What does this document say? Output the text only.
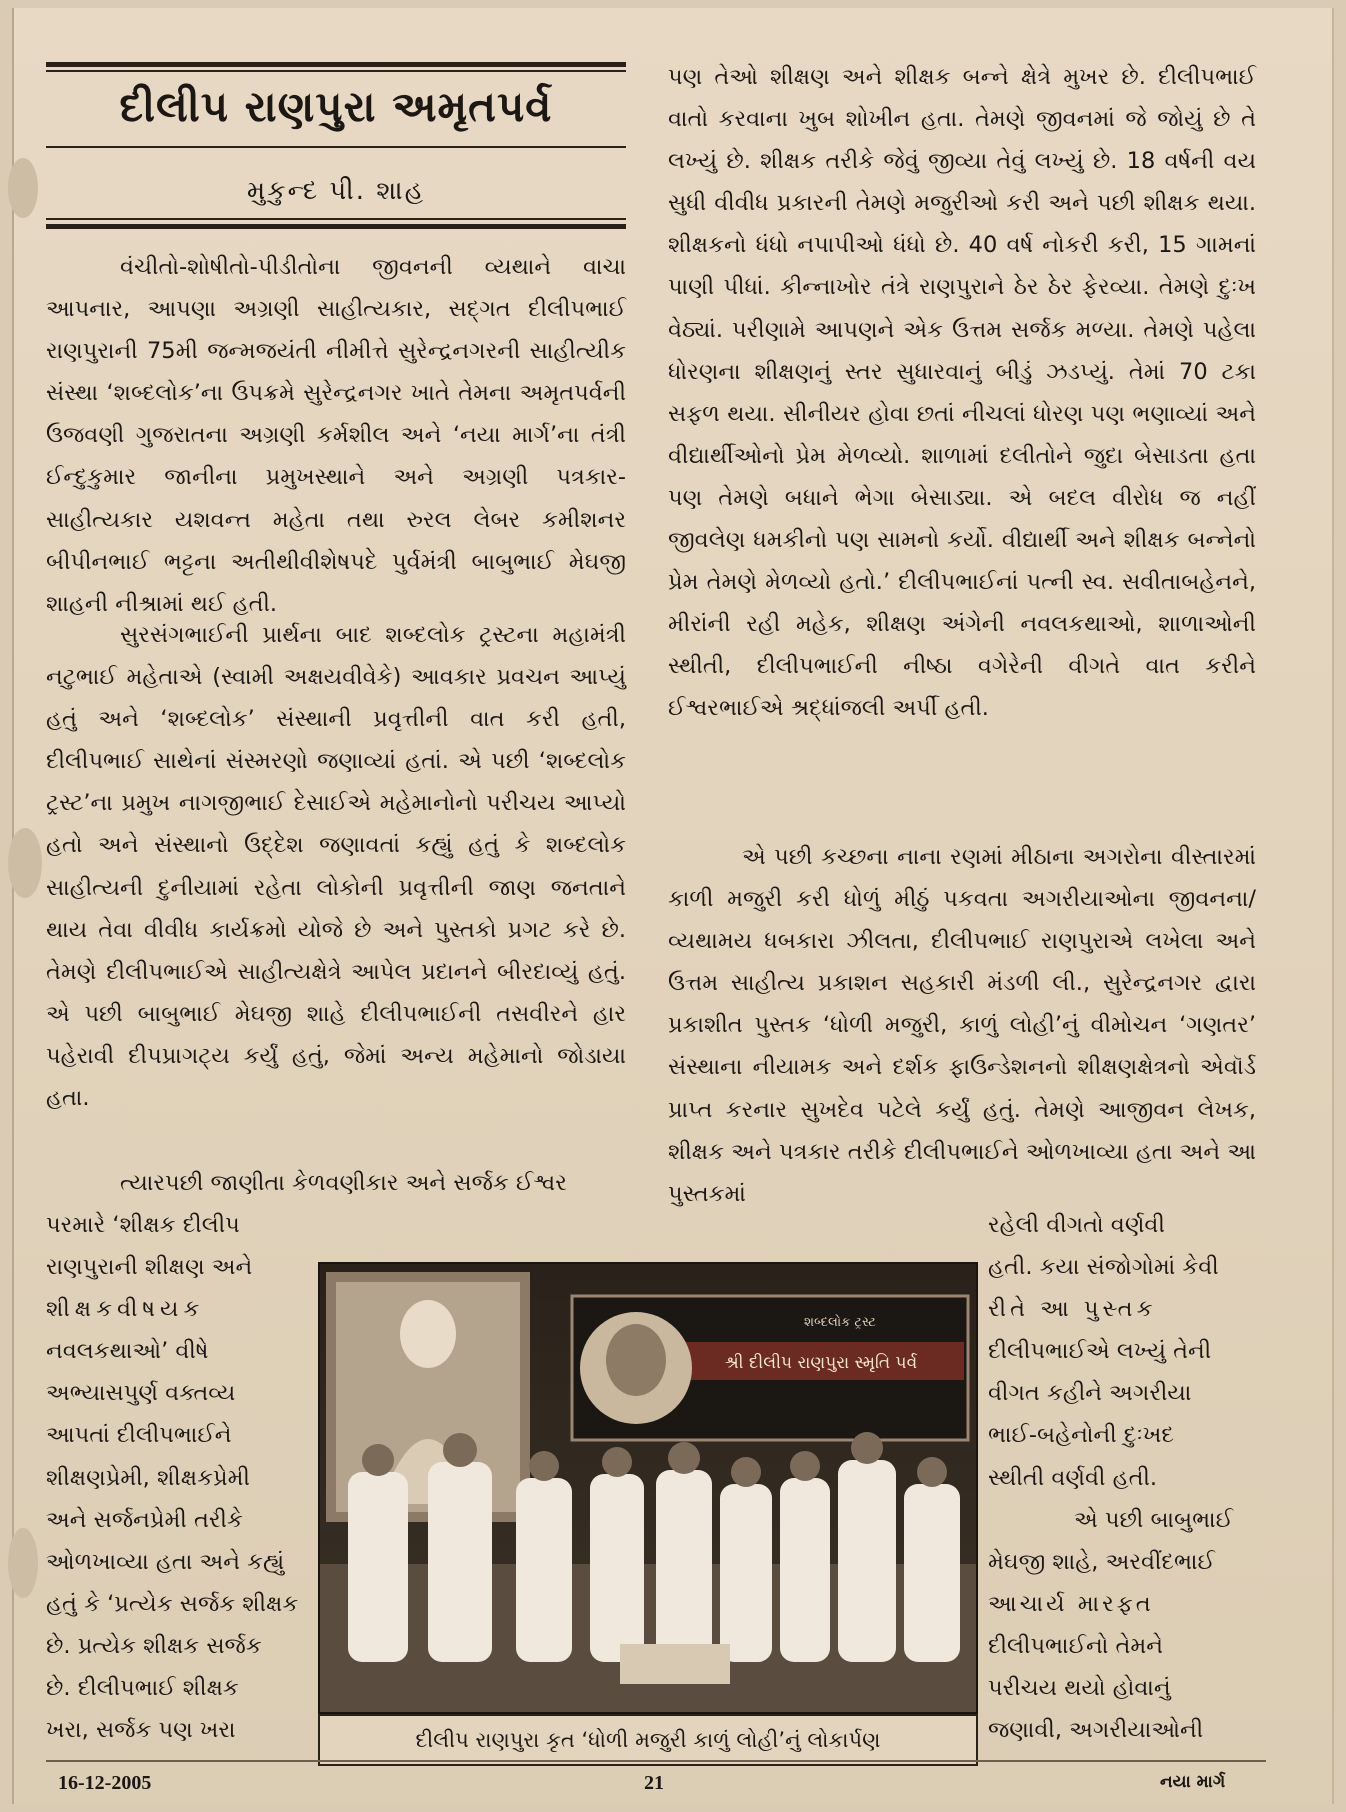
દીલીપ રાણપુરા અમૃતપર્વ
મુકુન્દ પી. શાહ

વંચીતો-શોષીતો-પીડીતોના જીવનની વ્યથાને વાચા આપનાર, આપણા અગ્રણી સાહીત્યકાર, સદ્ગત દીલીપભાઈ રાણપુરાની 75મી જન્મજયંતી નીમીત્તે સુરેન્દ્રનગરની સાહીત્યીક સંસ્થા ‘શબ્દલોક’ના ઉપક્રમે સુરેન્દ્રનગર ખાતે તેમના અમૃતપર્વની ઉજવણી ગુજરાતના અગ્રણી કર્મશીલ અને ‘નયા માર્ગ’ના તંત્રી ઈન્દુકુમાર જાનીના પ્રમુખસ્થાને અને અગ્રણી પત્રકાર-સાહીત્યકાર યશવન્ત મહેતા તથા રુરલ લેબર કમીશનર બીપીનભાઈ ભટ્ટના અતીથીવીશેષપદે પુર્વમંત્રી બાબુભાઈ મેઘજી શાહની નીશ્રામાં થઈ હતી.

સુરસંગભાઈની પ્રાર્થના બાદ શબ્દલોક ટ્રસ્ટના મહામંત્રી નટુભાઈ મહેતાએ (સ્વામી અક્ષયવીવેકે) આવકાર પ્રવચન આપ્યું હતું અને ‘શબ્દલોક’ સંસ્થાની પ્રવૃત્તીની વાત કરી હતી, દીલીપભાઈ સાથેનાં સંસ્મરણો જણાવ્યાં હતાં. એ પછી ‘શબ્દલોક ટ્રસ્ટ’ના પ્રમુખ નાગજીભાઈ દેસાઈએ મહેમાનોનો પરીચય આપ્યો હતો અને સંસ્થાનો ઉદ્દેશ જણાવતાં કહ્યું હતું કે શબ્દલોક સાહીત્યની દુનીયામાં રહેતા લોકોની પ્રવૃત્તીની જાણ જનતાને થાય તેવા વીવીધ કાર્યક્રમો યોજે છે અને પુસ્તકો પ્રગટ કરે છે. તેમણે દીલીપભાઈએ સાહીત્યક્ષેત્રે આપેલ પ્રદાનને બીરદાવ્યું હતું. એ પછી બાબુભાઈ મેઘજી શાહે દીલીપભાઈની તસવીરને હાર પહેરાવી દીપપ્રાગટ્ય કર્યું હતું, જેમાં અન્ય મહેમાનો જોડાયા હતા.

ત્યારપછી જાણીતા કેળવણીકાર અને સર્જક ઈશ્વર

પરમારે ‘શીક્ષક દીલીપ
રાણપુરાની શીક્ષણ અને
શીક્ષકવીષયક
નવલકથાઓ’ વીષે
અભ્યાસપુર્ણ વક્તવ્ય
આપતાં દીલીપભાઈને
શીક્ષણપ્રેમી, શીક્ષકપ્રેમી
અને સર્જનપ્રેમી તરીકે
ઓળખાવ્યા હતા અને કહ્યું
હતું કે ‘પ્રત્યેક સર્જક શીક્ષક
છે. પ્રત્યેક શીક્ષક સર્જક
છે. દીલીપભાઈ શીક્ષક
ખરા, સર્જક પણ ખરા

પણ તેઓ શીક્ષણ અને શીક્ષક બન્ને ક્ષેત્રે મુખર છે. દીલીપભાઈ વાતો કરવાના ખુબ શોખીન હતા. તેમણે જીવનમાં જે જોયું છે તે લખ્યું છે. શીક્ષક તરીકે જેવું જીવ્યા તેવું લખ્યું છે. 18 વર્ષની વય સુધી વીવીધ પ્રકારની તેમણે મજુરીઓ કરી અને પછી શીક્ષક થયા. શીક્ષકનો ધંધો નપાપીઓ ધંધો છે. 40 વર્ષ નોકરી કરી, 15 ગામનાં પાણી પીધાં. કીન્નાખોર તંત્રે રાણપુરાને ઠેર ઠેર ફેરવ્યા. તેમણે દુઃખ વેઠ્યાં. પરીણામે આપણને એક ઉત્તમ સર્જક મળ્યા. તેમણે પહેલા ધોરણના શીક્ષણનું સ્તર સુધારવાનું બીડું ઝડપ્યું. તેમાં 70 ટકા સફળ થયા. સીનીયર હોવા છતાં નીચલાં ધોરણ પણ ભણાવ્યાં અને વીદ્યાર્થીઓનો પ્રેમ મેળવ્યો. શાળામાં દલીતોને જુદા બેસાડતા હતા પણ તેમણે બધાને ભેગા બેસાડ્યા. એ બદલ વીરોધ જ નહીં જીવલેણ ધમકીનો પણ સામનો કર્યો. વીદ્યાર્થી અને શીક્ષક બન્નેનો પ્રેમ તેમણે મેળવ્યો હતો.’ દીલીપભાઈનાં પત્ની સ્વ. સવીતાબહેનને, મીરાંની રહી મહેક, શીક્ષણ અંગેની નવલકથાઓ, શાળાઓની સ્થીતી, દીલીપભાઈની નીષ્ઠા વગેરેની વીગતે વાત કરીને ઈશ્વરભાઈએ શ્રદ્ધાંજલી અર્પી હતી.

એ પછી કચ્છના નાના રણમાં મીઠાના અગરોના વીસ્તારમાં કાળી મજુરી કરી ધોળું મીઠું પકવતા અગરીયાઓના જીવનના/વ્યથામય ધબકારા ઝીલતા, દીલીપભાઈ રાણપુરાએ લખેલા અને ઉત્તમ સાહીત્ય પ્રકાશન સહકારી મંડળી લી., સુરેન્દ્રનગર દ્વારા પ્રકાશીત પુસ્તક ‘ધોળી મજુરી, કાળું લોહી’નું વીમોચન ‘ગણતર’ સંસ્થાના નીયામક અને દર્શક ફાઉન્ડેશનનો શીક્ષણક્ષેત્રનો એવૉર્ડ પ્રાપ્ત કરનાર સુખદેવ પટેલે કર્યું હતું. તેમણે આજીવન લેખક, શીક્ષક અને પત્રકાર તરીકે દીલીપભાઈને ઓળખાવ્યા હતા અને આ પુસ્તકમાં

રહેલી વીગતો વર્ણવી
હતી. કયા સંજોગોમાં કેવી
રીતે આ પુસ્તક
દીલીપભાઈએ લખ્યું તેની
વીગત કહીને અગરીયા
ભાઈ-બહેનોની દુઃખદ
સ્થીતી વર્ણવી હતી.
એ પછી બાબુભાઈ
મેઘજી શાહે, અરવીંદભાઈ
આચાર્ય મારફત
દીલીપભાઈનો તેમને
પરીચય થયો હોવાનું
જણાવી, અગરીયાઓની
શબ્દલોક ટ્રસ્ટ
શ્રી દીલીપ રાણપુરા સ્મૃતિ પર્વ
દીલીપ રાણપુરા કૃત ‘ધોળી મજુરી કાળું લોહી’નું લોકાર્પણ
16-12-2005	21	નયા માર્ગ
